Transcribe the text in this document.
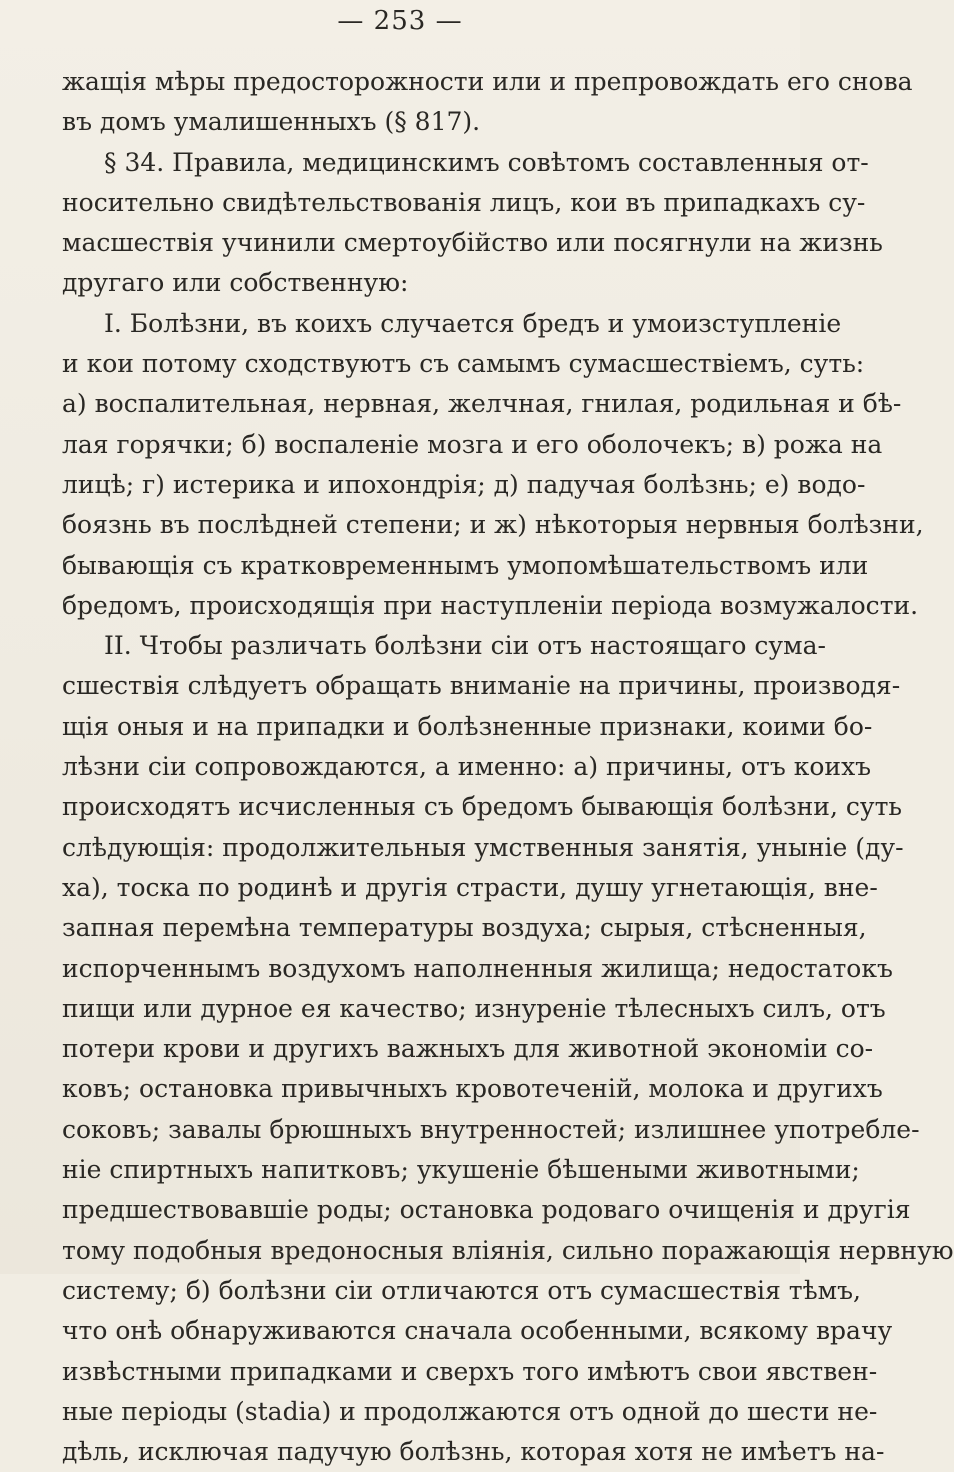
— 253 —
жащія мѣры предосторожности или и препровождать его снова
въ домъ умалишенныхъ (§ 817).
§ 34. Правила, медицинскимъ совѣтомъ составленныя от-
носительно свидѣтельствованія лицъ, кои въ припадкахъ су-
масшествія учинили смертоубійство или посягнули на жизнь
другаго или собственную:
I. Болѣзни, въ коихъ случается бредъ и умоизступленіе
и кои потому сходствуютъ съ самымъ сумасшествіемъ, суть:
а) воспалительная, нервная, желчная, гнилая, родильная и бѣ-
лая горячки; б) воспаленіе мозга и его оболочекъ; в) рожа на
лицѣ; г) истерика и ипохондрія; д) падучая болѣзнь; е) водо-
боязнь въ послѣдней степени; и ж) нѣкоторыя нервныя болѣзни,
бывающія съ кратковременнымъ умопомѣшательствомъ или
бредомъ, происходящія при наступленіи періода возмужалости.
II. Чтобы различать болѣзни сіи отъ настоящаго сума-
сшествія слѣдуетъ обращать вниманіе на причины, производя-
щія оныя и на припадки и болѣзненные признаки, коими бо-
лѣзни сіи сопровождаются, а именно: а) причины, отъ коихъ
происходятъ исчисленныя съ бредомъ бывающія болѣзни, суть
слѣдующія: продолжительныя умственныя занятія, уныніе (ду-
ха), тоска по родинѣ и другія страсти, душу угнетающія, вне-
запная перемѣна температуры воздуха; сырыя, стѣсненныя,
испорченнымъ воздухомъ наполненныя жилища; недостатокъ
пищи или дурное ея качество; изнуреніе тѣлесныхъ силъ, отъ
потери крови и другихъ важныхъ для животной экономіи со-
ковъ; остановка привычныхъ кровотеченій, молока и другихъ
соковъ; завалы брюшныхъ внутренностей; излишнее употребле-
ніе спиртныхъ напитковъ; укушеніе бѣшеными животными;
предшествовавшіе роды; остановка родоваго очищенія и другія
тому подобныя вредоносныя вліянія, сильно поражающія нервную
систему; б) болѣзни сіи отличаются отъ сумасшествія тѣмъ,
что онѣ обнаруживаются сначала особенными, всякому врачу
извѣстными припадками и сверхъ того имѣютъ свои явствен-
ные періоды (stadia) и продолжаются отъ одной до шести не-
дѣль, исключая падучую болѣзнь, которая хотя не имѣетъ на-
